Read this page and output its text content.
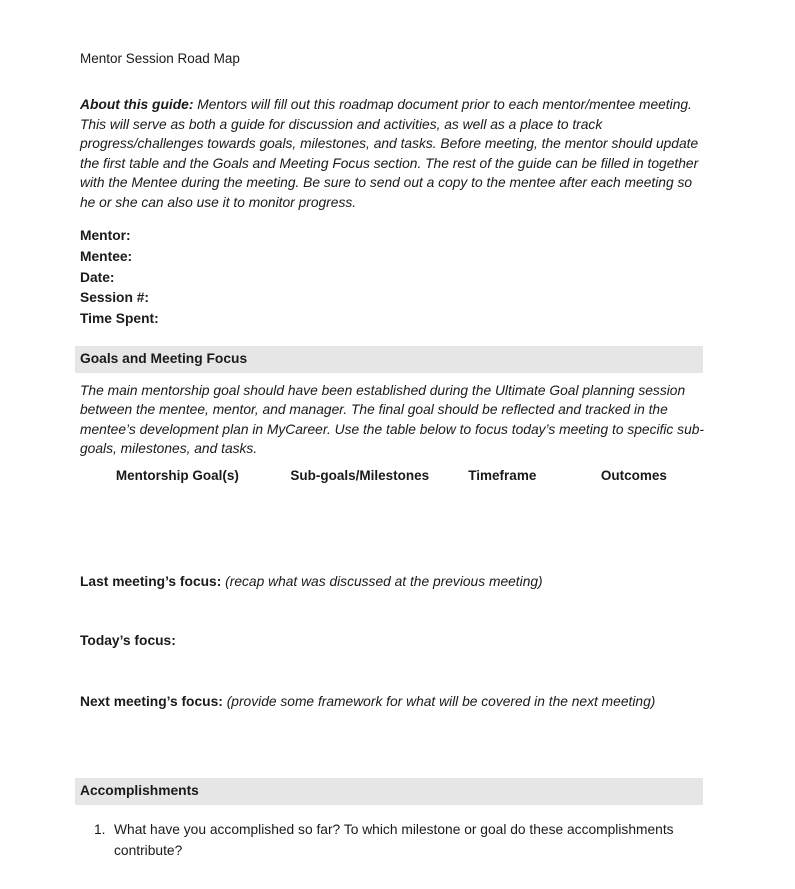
Mentor Session Road Map
About this guide: Mentors will fill out this roadmap document prior to each mentor/mentee meeting. This will serve as both a guide for discussion and activities, as well as a place to track progress/challenges towards goals, milestones, and tasks. Before meeting, the mentor should update the first table and the Goals and Meeting Focus section. The rest of the guide can be filled in together with the Mentee during the meeting. Be sure to send out a copy to the mentee after each meeting so he or she can also use it to monitor progress.
Mentor:
Mentee:
Date:
Session #:
Time Spent:
Goals and Meeting Focus
The main mentorship goal should have been established during the Ultimate Goal planning session between the mentee, mentor, and manager. The final goal should be reflected and tracked in the mentee’s development plan in MyCareer. Use the table below to focus today’s meeting to specific sub-goals, milestones, and tasks.
Mentorship Goal(s)	Sub-goals/Milestones	Timeframe	Outcomes
Last meeting’s focus: (recap what was discussed at the previous meeting)
Today’s focus:
Next meeting’s focus: (provide some framework for what will be covered in the next meeting)
Accomplishments
1. What have you accomplished so far? To which milestone or goal do these accomplishments contribute?
